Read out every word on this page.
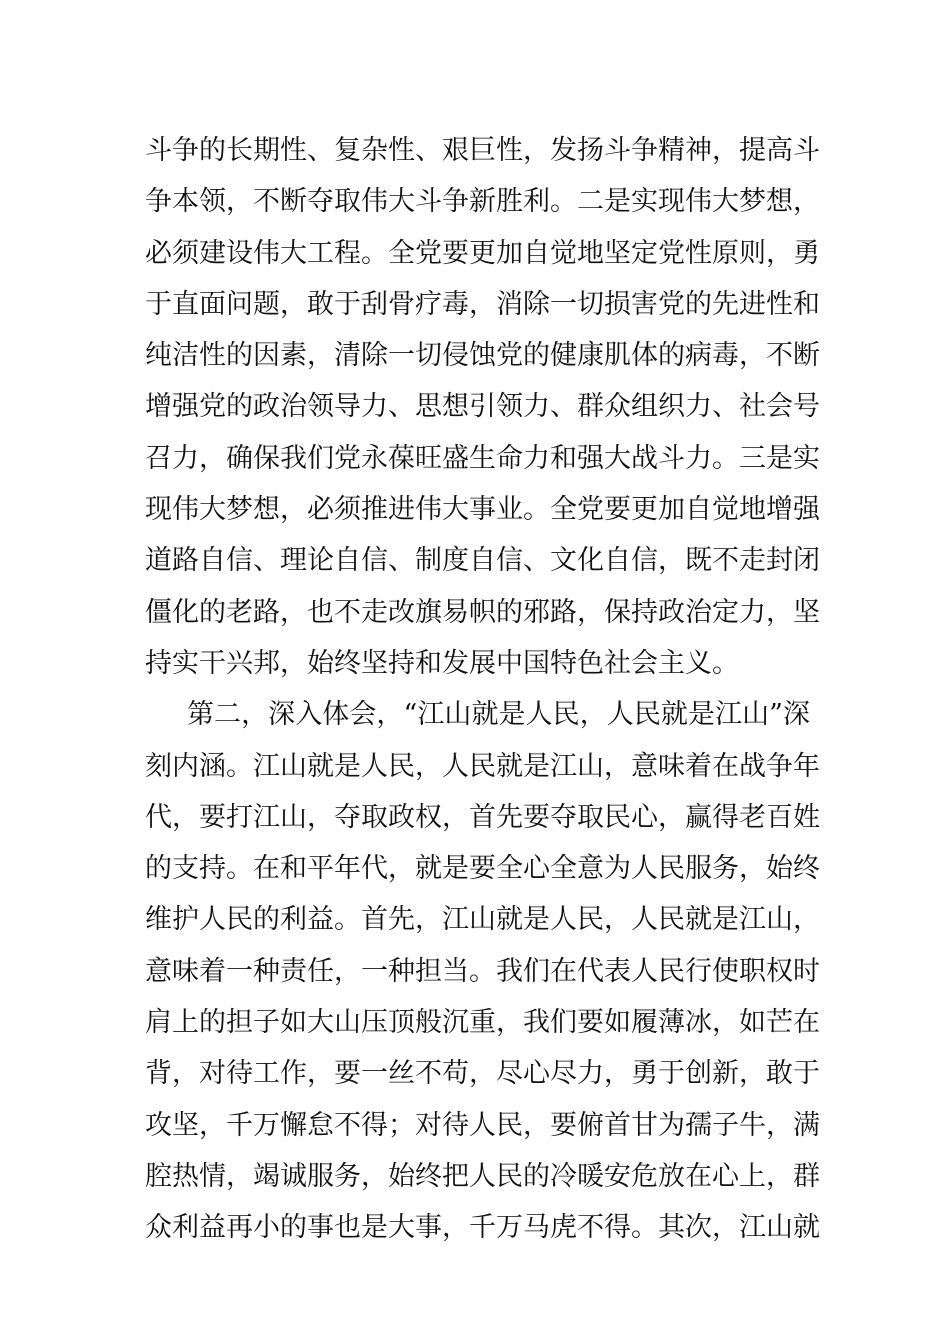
斗争的长期性、复杂性、艰巨性，发扬斗争精神，提高斗
争本领，不断夺取伟大斗争新胜利。二是实现伟大梦想，
必须建设伟大工程。全党要更加自觉地坚定党性原则，勇
于直面问题，敢于刮骨疗毒，消除一切损害党的先进性和
纯洁性的因素，清除一切侵蚀党的健康肌体的病毒，不断
增强党的政治领导力、思想引领力、群众组织力、社会号
召力，确保我们党永葆旺盛生命力和强大战斗力。三是实
现伟大梦想，必须推进伟大事业。全党要更加自觉地增强
道路自信、理论自信、制度自信、文化自信，既不走封闭
僵化的老路，也不走改旗易帜的邪路，保持政治定力，坚
持实干兴邦，始终坚持和发展中国特色社会主义。
第二，深入体会，“江山就是人民，人民就是江山”深
刻内涵。江山就是人民，人民就是江山，意味着在战争年
代，要打江山，夺取政权，首先要夺取民心，赢得老百姓
的支持。在和平年代，就是要全心全意为人民服务，始终
维护人民的利益。首先，江山就是人民，人民就是江山，
意味着一种责任，一种担当。我们在代表人民行使职权时
肩上的担子如大山压顶般沉重，我们要如履薄冰，如芒在
背，对待工作，要一丝不苟，尽心尽力，勇于创新，敢于
攻坚，千万懈怠不得；对待人民，要俯首甘为孺子牛，满
腔热情，竭诚服务，始终把人民的冷暖安危放在心上，群
众利益再小的事也是大事，千万马虎不得。其次，江山就
